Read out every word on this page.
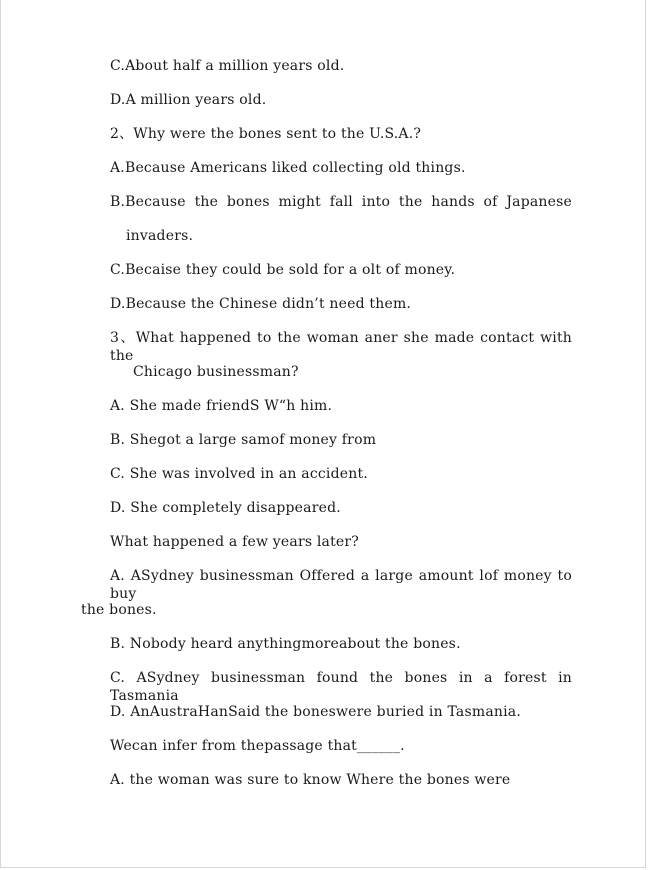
C.About half a million years old.
D.A million years old.
2、Why were the bones sent to the U.S.A.?
A.Because Americans liked collecting old things.
B.Because the bones might fall into the hands of Japanese
invaders.
C.Becaise they could be sold for a olt of money.
D.Because the Chinese didn’t need them.
3、What happened to the woman aner she made contact with the
Chicago businessman?
A. She made friendS W“h him.
B. Shegot a large samof money from
C. She was involved in an accident.
D. She completely disappeared.
What happened a few years later?
A. ASydney businessman Offered a large amount lof money to buy
the bones.
B. Nobody heard anythingmoreabout the bones.
C. ASydney businessman found the bones in a forest in Tasmania
D. AnAustraHanSaid the boneswere buried in Tasmania.
Wecan infer from thepassage that______.
A. the woman was sure to know Where the bones were
